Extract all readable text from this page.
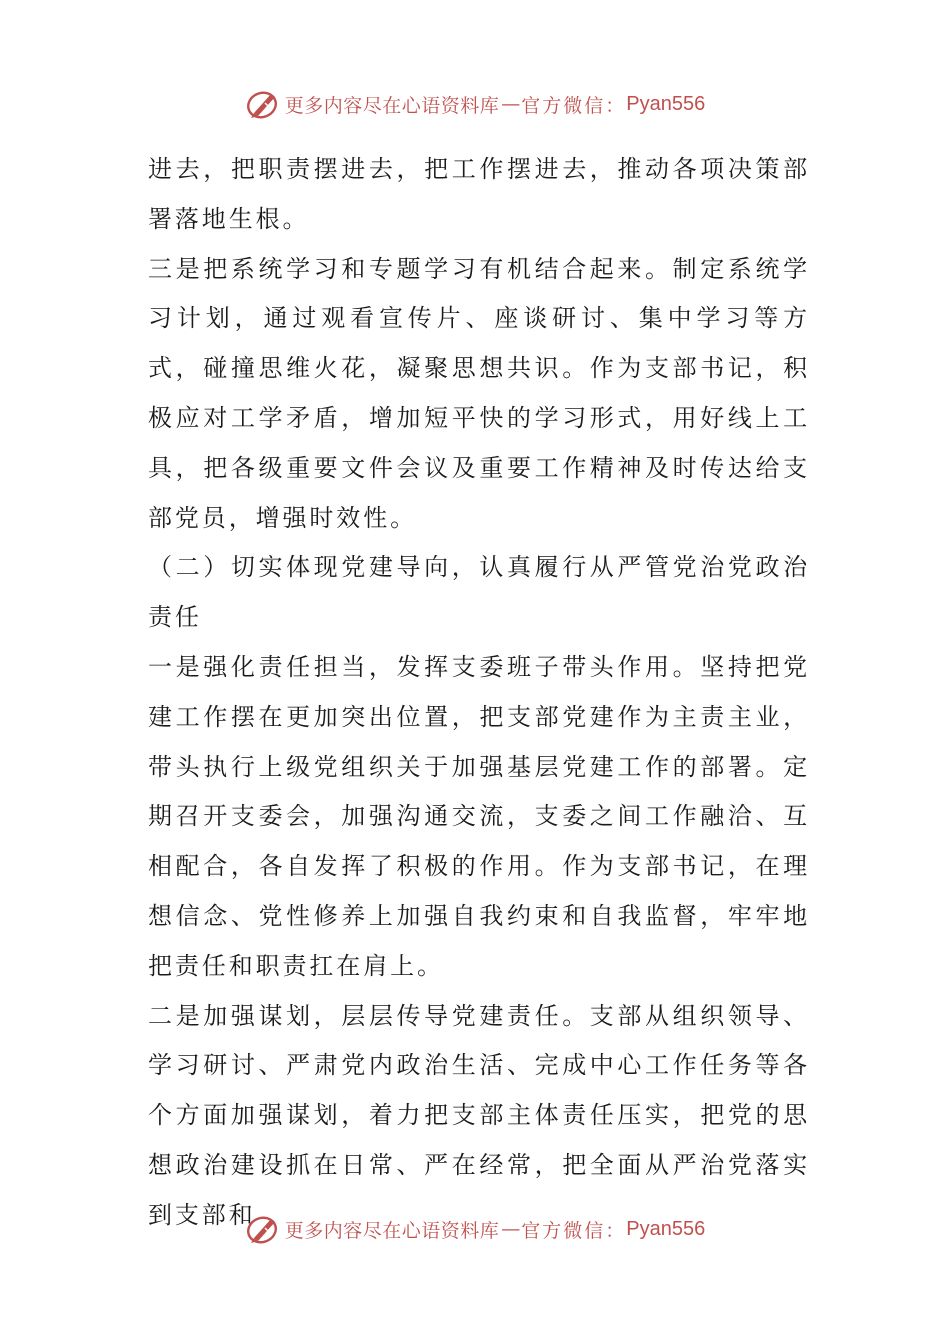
更多内容尽在心语资料库 — 官方微信： Pyan556

进去，把职责摆进去，把工作摆进去，推动各项决策部署落地生根。

三是把系统学习和专题学习有机结合起来。制定系统学习计划，通过观看宣传片、座谈研讨、集中学习等方式，碰撞思维火花，凝聚思想共识。作为支部书记，积极应对工学矛盾，增加短平快的学习形式，用好线上工具，把各级重要文件会议及重要工作精神及时传达给支部党员，增强时效性。

（二）切实体现党建导向，认真履行从严管党治党政治责任

一是强化责任担当，发挥支委班子带头作用。坚持把党建工作摆在更加突出位置，把支部党建作为主责主业，带头执行上级党组织关于加强基层党建工作的部署。定期召开支委会，加强沟通交流，支委之间工作融洽、互相配合，各自发挥了积极的作用。作为支部书记，在理想信念、党性修养上加强自我约束和自我监督，牢牢地把责任和职责扛在肩上。

二是加强谋划，层层传导党建责任。支部从组织领导、学习研讨、严肃党内政治生活、完成中心工作任务等各个方面加强谋划，着力把支部主体责任压实，把党的思想政治建设抓在日常、严在经常，把全面从严治党落实到支部和

更多内容尽在心语资料库 — 官方微信： Pyan556
